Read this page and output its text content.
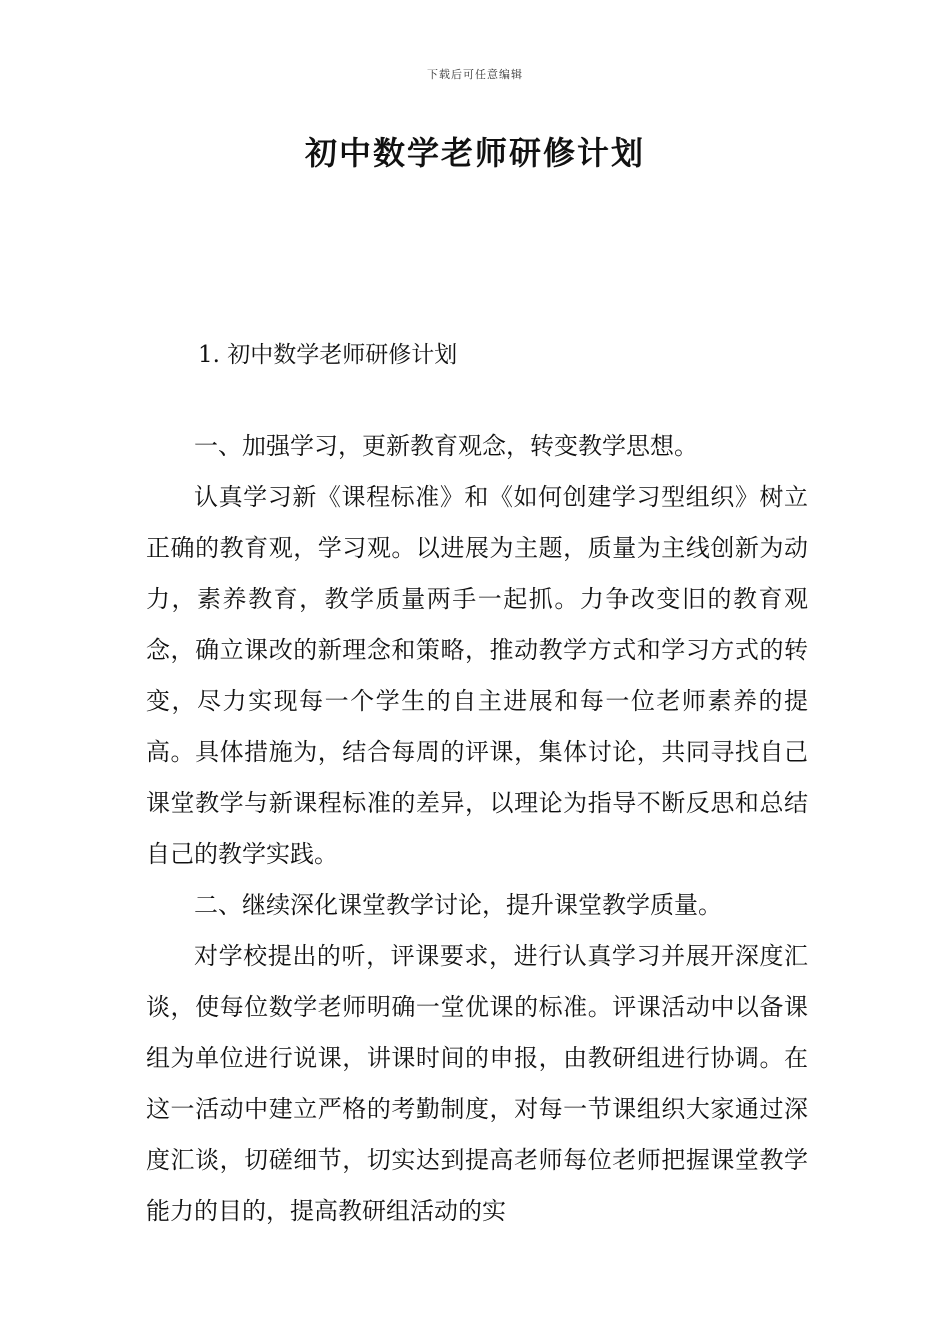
下载后可任意编辑
初中数学老师研修计划
1. 初中数学老师研修计划

一、加强学习，更新教育观念，转变教学思想。

认真学习新《课程标准》和《如何创建学习型组织》树立正确的教育观，学习观。以进展为主题，质量为主线创新为动力，素养教育，教学质量两手一起抓。力争改变旧的教育观念，确立课改的新理念和策略，推动教学方式和学习方式的转变，尽力实现每一个学生的自主进展和每一位老师素养的提高。具体措施为，结合每周的评课，集体讨论，共同寻找自己课堂教学与新课程标准的差异，以理论为指导不断反思和总结自己的教学实践。

二、继续深化课堂教学讨论，提升课堂教学质量。

对学校提出的听，评课要求，进行认真学习并展开深度汇谈，使每位数学老师明确一堂优课的标准。评课活动中以备课组为单位进行说课，讲课时间的申报，由教研组进行协调。在这一活动中建立严格的考勤制度，对每一节课组织大家通过深度汇谈，切磋细节，切实达到提高老师每位老师把握课堂教学能力的目的，提高教研组活动的实
